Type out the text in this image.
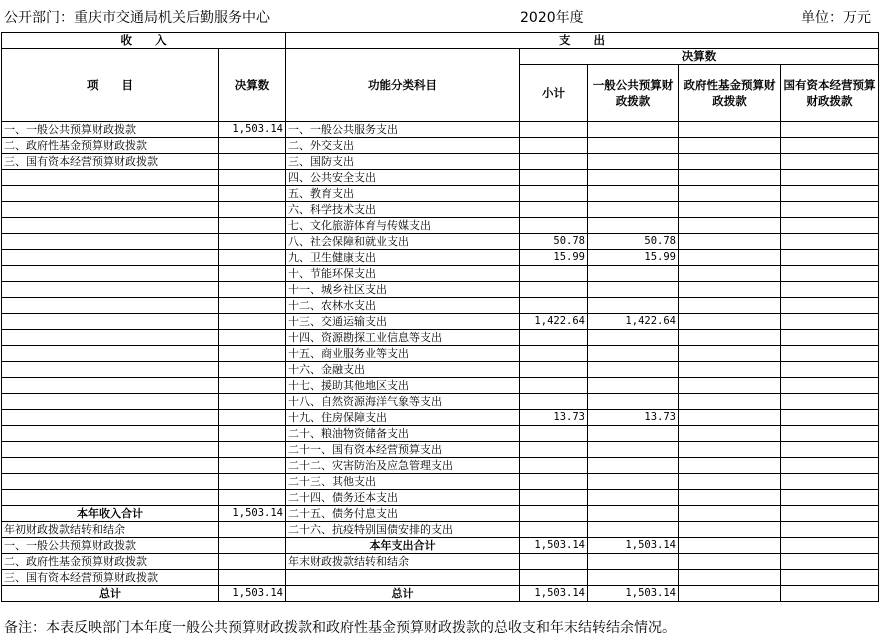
公开部门：重庆市交通局机关后勤服务中心	2020年度	单位：万元
收　　入		支　　出				
项　　目	决算数	功能分类科目	决算数			
			小计	一般公共预算财政拨款	政府性基金预算财政拨款	国有资本经营预算财政拨款

一、一般公共预算财政拨款	1,503.14	一、一般公共服务支出				
二、政府性基金预算财政拨款		二、外交支出				
三、国有资本经营预算财政拨款		三、国防支出				
		四、公共安全支出				
		五、教育支出				
		六、科学技术支出				
		七、文化旅游体育与传媒支出				
		八、社会保障和就业支出	50.78	50.78		
		九、卫生健康支出	15.99	15.99		
		十、节能环保支出				
		十一、城乡社区支出				
		十二、农林水支出				
		十三、交通运输支出	1,422.64	1,422.64		
		十四、资源勘探工业信息等支出				
		十五、商业服务业等支出				
		十六、金融支出				
		十七、援助其他地区支出				
		十八、自然资源海洋气象等支出				
		十九、住房保障支出	13.73	13.73		
		二十、粮油物资储备支出				
		二十一、国有资本经营预算支出				
		二十二、灾害防治及应急管理支出				
		二十三、其他支出				
		二十四、债务还本支出				
本年收入合计	1,503.14	二十五、债务付息支出				
年初财政拨款结转和结余		二十六、抗疫特别国债安排的支出				
一、一般公共预算财政拨款		本年支出合计	1,503.14	1,503.14		
二、政府性基金预算财政拨款		年末财政拨款结转和结余				
三、国有资本经营预算财政拨款						
总计	1,503.14	总计	1,503.14	1,503.14		
备注：本表反映部门本年度一般公共预算财政拨款和政府性基金预算财政拨款的总收支和年末结转结余情况。
